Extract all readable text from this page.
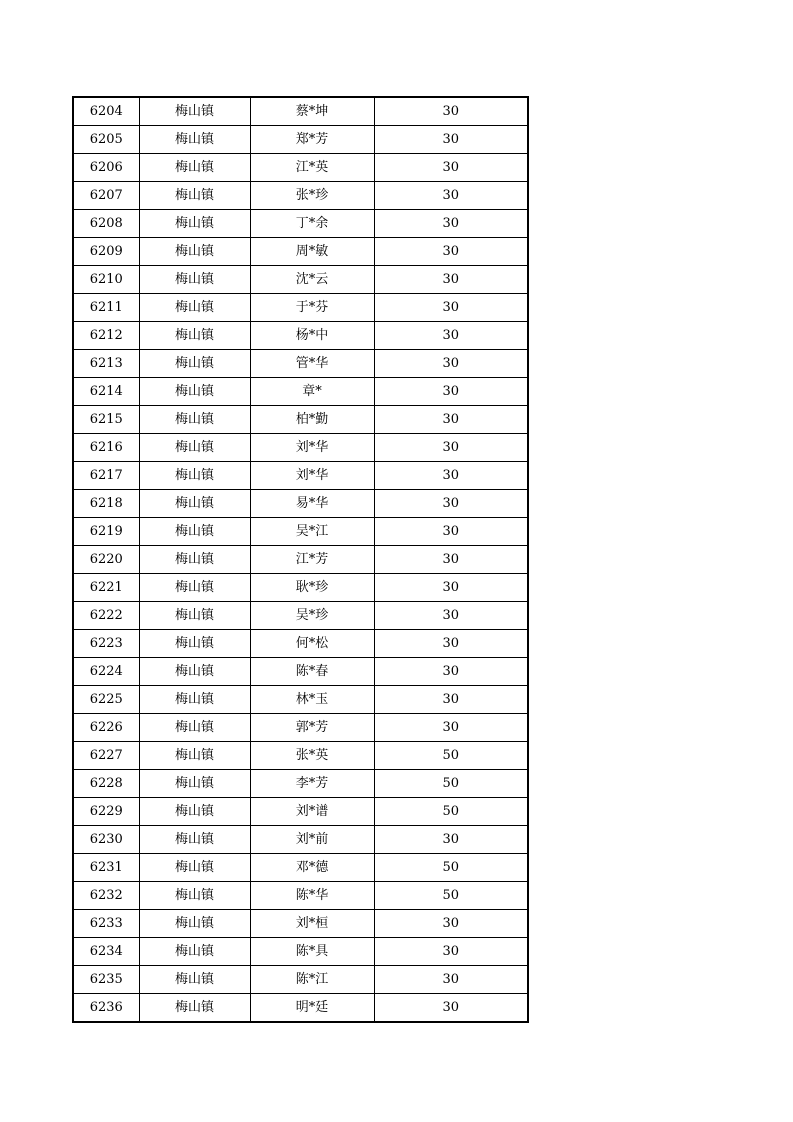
6204	梅山镇	蔡*坤	30
6205	梅山镇	郑*芳	30
6206	梅山镇	江*英	30
6207	梅山镇	张*珍	30
6208	梅山镇	丁*余	30
6209	梅山镇	周*敏	30
6210	梅山镇	沈*云	30
6211	梅山镇	于*芬	30
6212	梅山镇	杨*中	30
6213	梅山镇	管*华	30
6214	梅山镇	章*	30
6215	梅山镇	柏*勤	30
6216	梅山镇	刘*华	30
6217	梅山镇	刘*华	30
6218	梅山镇	易*华	30
6219	梅山镇	吴*江	30
6220	梅山镇	江*芳	30
6221	梅山镇	耿*珍	30
6222	梅山镇	吴*珍	30
6223	梅山镇	何*松	30
6224	梅山镇	陈*春	30
6225	梅山镇	林*玉	30
6226	梅山镇	郭*芳	30
6227	梅山镇	张*英	50
6228	梅山镇	李*芳	50
6229	梅山镇	刘*谱	50
6230	梅山镇	刘*前	30
6231	梅山镇	邓*德	50
6232	梅山镇	陈*华	50
6233	梅山镇	刘*桓	30
6234	梅山镇	陈*具	30
6235	梅山镇	陈*江	30
6236	梅山镇	明*廷	30
